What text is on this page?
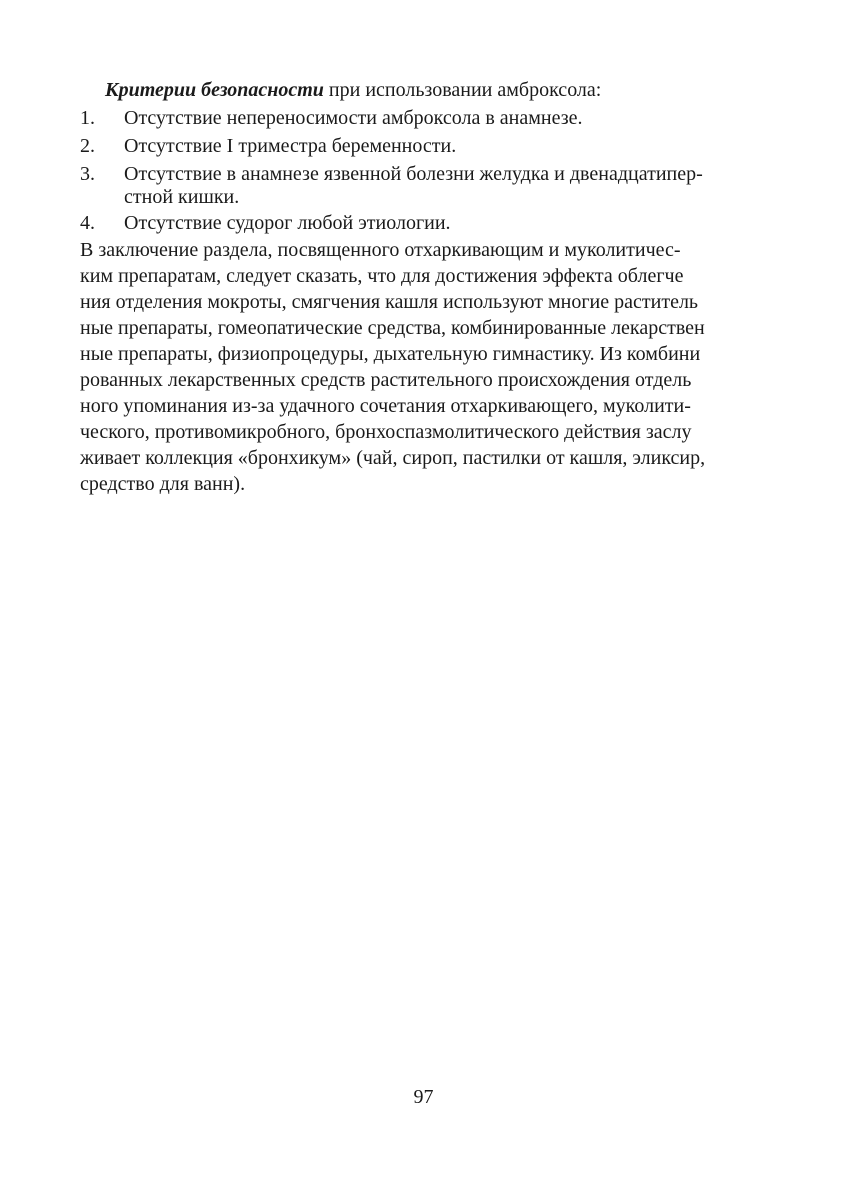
Критерии безопасности при использовании амброксола:
1. Отсутствие непереносимости амброксола в анамнезе.
2. Отсутствие I триместра беременности.
3. Отсутствие в анамнезе язвенной болезни желудка и двенадцатипер-
стной кишки.
4. Отсутствие судорог любой этиологии.
В заключение раздела, посвященного отхаркивающим и муколитичес-
ким препаратам, следует сказать, что для достижения эффекта облегче
ния отделения мокроты, смягчения кашля используют многие раститель
ные препараты, гомеопатические средства, комбинированные лекарствен
ные препараты, физиопроцедуры, дыхательную гимнастику. Из комбини
рованных лекарственных средств растительного происхождения отдель
ного упоминания из-за удачного сочетания отхаркивающего, муколити-
ческого, противомикробного, бронхоспазмолитического действия заслу
живает коллекция «бронхикум» (чай, сироп, пастилки от кашля, эликсир,
средство для ванн).
97
